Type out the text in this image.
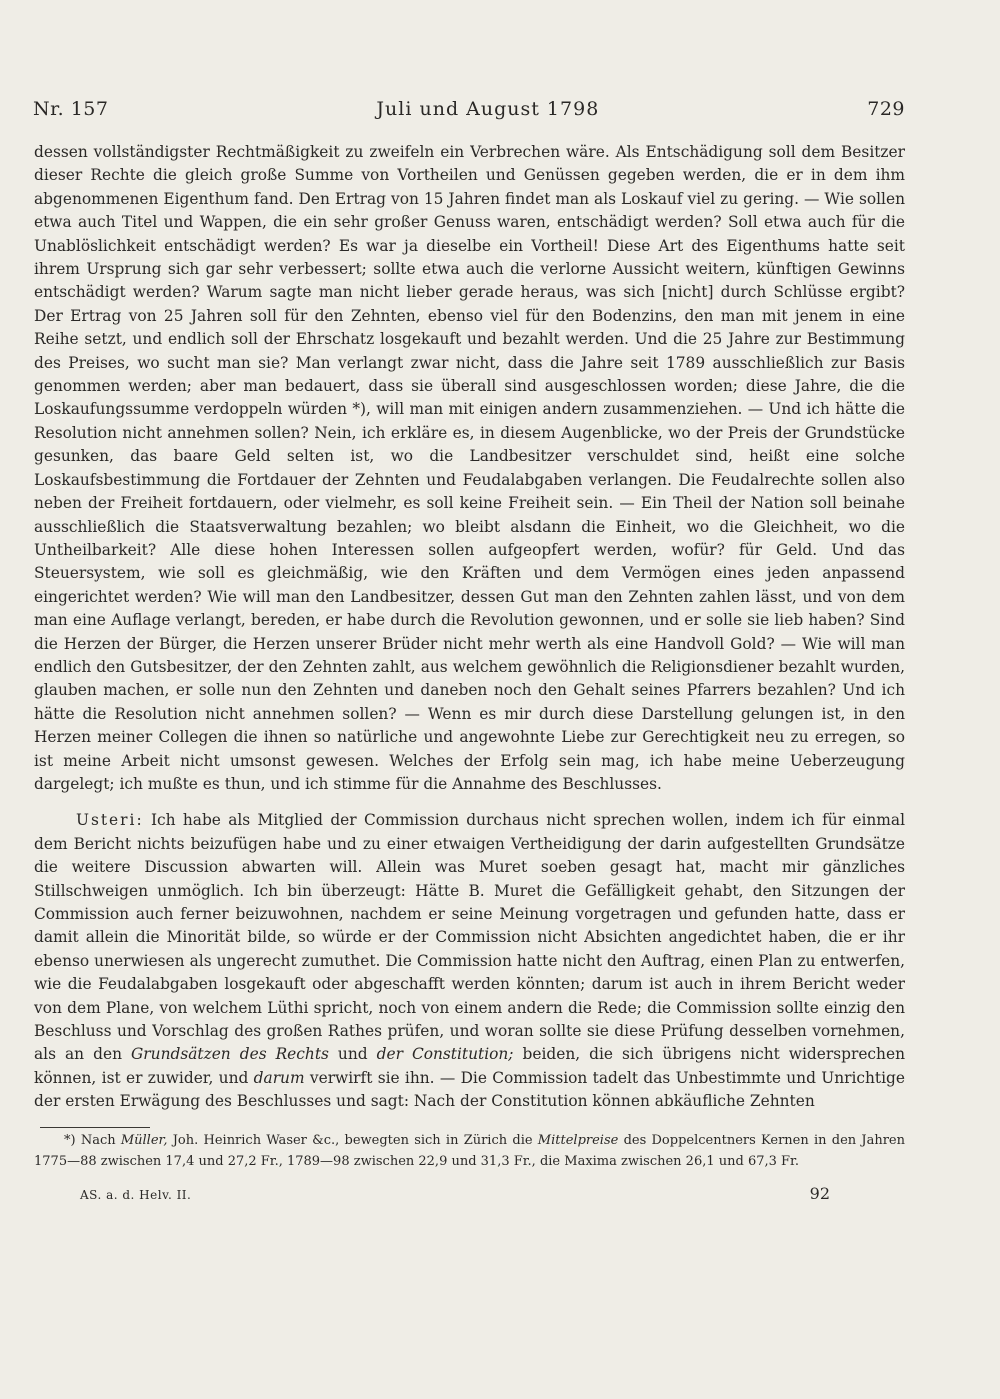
Nr. 157	Juli und August 1798	729

dessen vollständigster Rechtmäßigkeit zu zweifeln ein Verbrechen wäre. Als Entschädigung soll dem Besitzer dieser Rechte die gleich große Summe von Vortheilen und Genüssen gegeben werden, die er in dem ihm abgenommenen Eigenthum fand. Den Ertrag von 15 Jahren findet man als Loskauf viel zu gering. — Wie sollen etwa auch Titel und Wappen, die ein sehr großer Genuss waren, entschädigt werden? Soll etwa auch für die Unablöslichkeit entschädigt werden? Es war ja dieselbe ein Vortheil! Diese Art des Eigenthums hatte seit ihrem Ursprung sich gar sehr verbessert; sollte etwa auch die verlorne Aussicht weitern, künftigen Gewinns entschädigt werden? Warum sagte man nicht lieber gerade heraus, was sich [nicht] durch Schlüsse ergibt? Der Ertrag von 25 Jahren soll für den Zehnten, ebenso viel für den Bodenzins, den man mit jenem in eine Reihe setzt, und endlich soll der Ehrschatz losgekauft und bezahlt werden. Und die 25 Jahre zur Bestimmung des Preises, wo sucht man sie? Man verlangt zwar nicht, dass die Jahre seit 1789 ausschließlich zur Basis genommen werden; aber man bedauert, dass sie überall sind ausgeschlossen worden; diese Jahre, die die Loskaufungssumme verdoppeln würden *), will man mit einigen andern zusammenziehen. — Und ich hätte die Resolution nicht annehmen sollen? Nein, ich erkläre es, in diesem Augenblicke, wo der Preis der Grundstücke gesunken, das baare Geld selten ist, wo die Landbesitzer verschuldet sind, heißt eine solche Loskaufsbestimmung die Fortdauer der Zehnten und Feudalabgaben verlangen. Die Feudalrechte sollen also neben der Freiheit fortdauern, oder vielmehr, es soll keine Freiheit sein. — Ein Theil der Nation soll beinahe ausschließlich die Staatsverwaltung bezahlen; wo bleibt alsdann die Einheit, wo die Gleichheit, wo die Untheilbarkeit? Alle diese hohen Interessen sollen aufgeopfert werden, wofür? für Geld. Und das Steuersystem, wie soll es gleichmäßig, wie den Kräften und dem Vermögen eines jeden anpassend eingerichtet werden? Wie will man den Landbesitzer, dessen Gut man den Zehnten zahlen lässt, und von dem man eine Auflage verlangt, bereden, er habe durch die Revolution gewonnen, und er solle sie lieb haben? Sind die Herzen der Bürger, die Herzen unserer Brüder nicht mehr werth als eine Handvoll Gold? — Wie will man endlich den Gutsbesitzer, der den Zehnten zahlt, aus welchem gewöhnlich die Religionsdiener bezahlt wurden, glauben machen, er solle nun den Zehnten und daneben noch den Gehalt seines Pfarrers bezahlen? Und ich hätte die Resolution nicht annehmen sollen? — Wenn es mir durch diese Darstellung gelungen ist, in den Herzen meiner Collegen die ihnen so natürliche und angewohnte Liebe zur Gerechtigkeit neu zu erregen, so ist meine Arbeit nicht umsonst gewesen. Welches der Erfolg sein mag, ich habe meine Ueberzeugung dargelegt; ich mußte es thun, und ich stimme für die Annahme des Beschlusses.

Usteri: Ich habe als Mitglied der Commission durchaus nicht sprechen wollen, indem ich für einmal dem Bericht nichts beizufügen habe und zu einer etwaigen Vertheidigung der darin aufgestellten Grundsätze die weitere Discussion abwarten will. Allein was Muret soeben gesagt hat, macht mir gänzliches Stillschweigen unmöglich. Ich bin überzeugt: Hätte B. Muret die Gefälligkeit gehabt, den Sitzungen der Commission auch ferner beizuwohnen, nachdem er seine Meinung vorgetragen und gefunden hatte, dass er damit allein die Minorität bilde, so würde er der Commission nicht Absichten angedichtet haben, die er ihr ebenso unerwiesen als ungerecht zumuthet. Die Commission hatte nicht den Auftrag, einen Plan zu entwerfen, wie die Feudalabgaben losgekauft oder abgeschafft werden könnten; darum ist auch in ihrem Bericht weder von dem Plane, von welchem Lüthi spricht, noch von einem andern die Rede; die Commission sollte einzig den Beschluss und Vorschlag des großen Rathes prüfen, und woran sollte sie diese Prüfung desselben vornehmen, als an den Grundsätzen des Rechts und der Constitution; beiden, die sich übrigens nicht widersprechen können, ist er zuwider, und darum verwirft sie ihn. — Die Commission tadelt das Unbestimmte und Unrichtige der ersten Erwägung des Beschlusses und sagt: Nach der Constitution können abkäufliche Zehnten

*) Nach Müller, Joh. Heinrich Waser &c., bewegten sich in Zürich die Mittelpreise des Doppelcentners Kernen in den Jahren 1775—88 zwischen 17,4 und 27,2 Fr., 1789—98 zwischen 22,9 und 31,3 Fr., die Maxima zwischen 26,1 und 67,3 Fr.
AS. a. d. Helv. II.	92
